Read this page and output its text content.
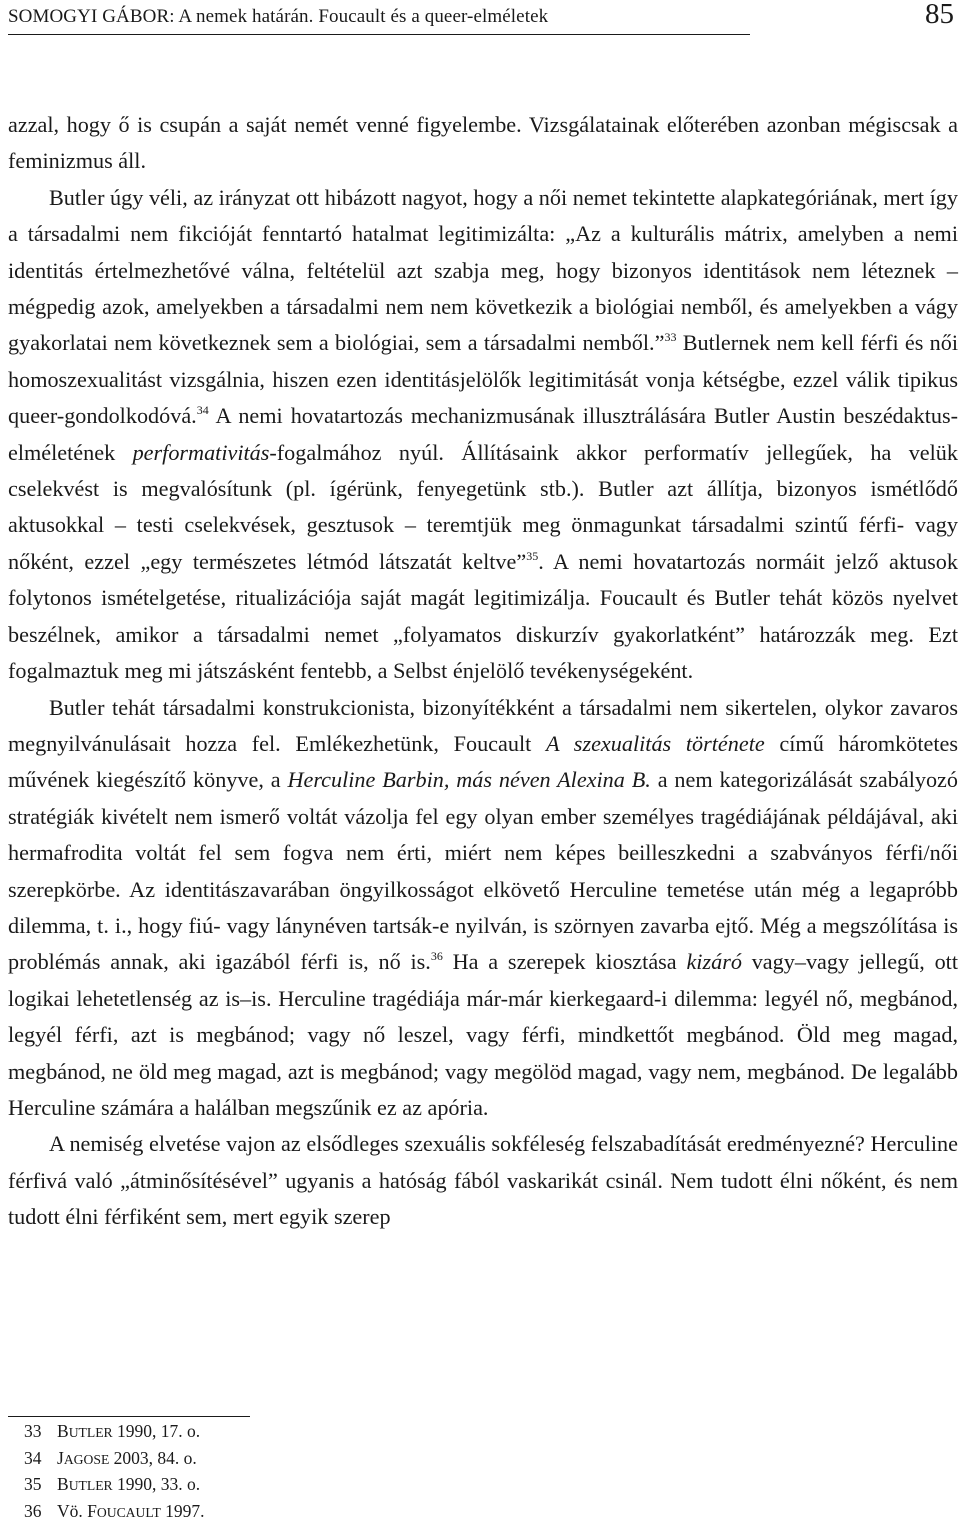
SOMOGYI GÁBOR: A nemek határán. Foucault és a queer-elméletek	85

azzal, hogy ő is csupán a saját nemét venné figyelembe. Vizsgálatainak előterében azonban mégiscsak a feminizmus áll.

Butler úgy véli, az irányzat ott hibázott nagyot, hogy a női nemet tekintette alapkategóriának, mert így a társadalmi nem fikcióját fenntartó hatalmat legitimizálta: „Az a kulturális mátrix, amelyben a nemi identitás értelmezhetővé válna, feltételül azt szabja meg, hogy bizonyos identitások nem léteznek – mégpedig azok, amelyekben a társadalmi nem nem következik a biológiai nemből, és amelyekben a vágy gyakorlatai nem következnek sem a biológiai, sem a társadalmi nemből.”$^{33}$ Butlernek nem kell férfi és női homoszexualitást vizsgálnia, hiszen ezen identitásjelölők legitimitását vonja kétségbe, ezzel válik tipikus queer-gondolkodóvá.$^{34}$ A nemi hovatartozás mechanizmusának illusztrálására Butler Austin beszédaktus-elméletének performativitás-fogalmához nyúl. Állításaink akkor performatív jellegűek, ha velük cselekvést is megvalósítunk (pl. ígérünk, fenyegetünk stb.). Butler azt állítja, bizonyos ismétlődő aktusokkal – testi cselekvések, gesztusok – teremtjük meg önmagunkat társadalmi szintű férfi- vagy nőként, ezzel „egy természetes létmód látszatát keltve”$^{35}$. A nemi hovatartozás normáit jelző aktusok folytonos ismételgetése, ritualizációja saját magát legitimizálja. Foucault és Butler tehát közös nyelvet beszélnek, amikor a társadalmi nemet „folyamatos diskurzív gyakorlatként” határozzák meg. Ezt fogalmaztuk meg mi játszásként fentebb, a Selbst énjelölő tevékenységeként.

Butler tehát társadalmi konstrukcionista, bizonyítékként a társadalmi nem sikertelen, olykor zavaros megnyilvánulásait hozza fel. Emlékezhetünk, Foucault A szexualitás története című háromkötetes művének kiegészítő könyve, a Herculine Barbin, más néven Alexina B. a nem kategorizálását szabályozó stratégiák kivételt nem ismerő voltát vázolja fel egy olyan ember személyes tragédiájának példájával, aki hermafrodita voltát fel sem fogva nem érti, miért nem képes beilleszkedni a szabványos férfi/női szerepkörbe. Az identitászavarában öngyilkosságot elkövető Herculine temetése után még a legapróbb dilemma, t. i., hogy fiú- vagy lánynéven tartsák-e nyilván, is szörnyen zavarba ejtő. Még a megszólítása is problémás annak, aki igazából férfi is, nő is.$^{36}$ Ha a szerepek kiosztása kizáró vagy–vagy jellegű, ott logikai lehetetlenség az is–is. Herculine tragédiája már-már kierkegaard-i dilemma: legyél nő, megbánod, legyél férfi, azt is megbánod; vagy nő leszel, vagy férfi, mindkettőt megbánod. Öld meg magad, megbánod, ne öld meg magad, azt is megbánod; vagy megölöd magad, vagy nem, megbánod. De legalább Herculine számára a halálban megszűnik ez az apória.

A nemiség elvetése vajon az elsődleges szexuális sokféleség felszabadítását eredményezné? Herculine férfivá való „átminősítésével” ugyanis a hatóság fából vaskarikát csinál. Nem tudott élni nőként, és nem tudott élni férfiként sem, mert egyik szerep

33 BUTLER 1990, 17. o.
34 JAGOSE 2003, 84. o.
35 BUTLER 1990, 33. o.
36 Vö. FOUCAULT 1997.
